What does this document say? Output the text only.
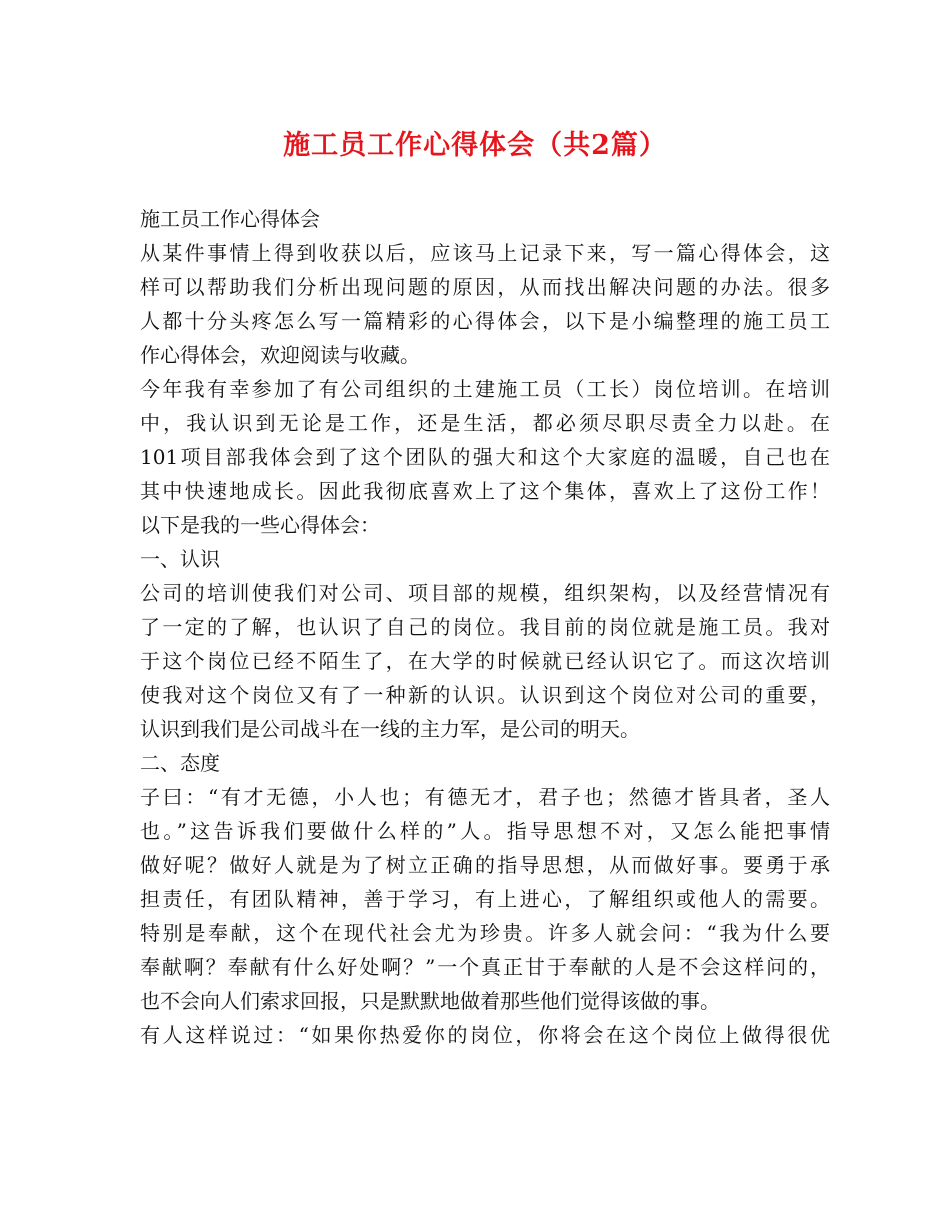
施工员工作心得体会（共2篇）

施工员工作心得体会

从某件事情上得到收获以后，应该马上记录下来，写一篇心得体会，这

样可以帮助我们分析出现问题的原因，从而找出解决问题的办法。很多

人都十分头疼怎么写一篇精彩的心得体会，以下是小编整理的施工员工

作心得体会，欢迎阅读与收藏。

今年我有幸参加了有公司组织的土建施工员（工长）岗位培训。在培训

中，我认识到无论是工作，还是生活，都必须尽职尽责全力以赴。在

101项目部我体会到了这个团队的强大和这个大家庭的温暖，自己也在

其中快速地成长。因此我彻底喜欢上了这个集体，喜欢上了这份工作！

以下是我的一些心得体会：

一、认识

公司的培训使我们对公司、项目部的规模，组织架构，以及经营情况有

了一定的了解，也认识了自己的岗位。我目前的岗位就是施工员。我对

于这个岗位已经不陌生了，在大学的时候就已经认识它了。而这次培训

使我对这个岗位又有了一种新的认识。认识到这个岗位对公司的重要，

认识到我们是公司战斗在一线的主力军，是公司的明天。

二、态度

子曰：“有才无德，小人也；有德无才，君子也；然德才皆具者，圣人

也。”这告诉我们要做什么样的”人。指导思想不对，又怎么能把事情

做好呢？做好人就是为了树立正确的指导思想，从而做好事。要勇于承

担责任，有团队精神，善于学习，有上进心，了解组织或他人的需要。

特别是奉献，这个在现代社会尤为珍贵。许多人就会问：“我为什么要

奉献啊？奉献有什么好处啊？”一个真正甘于奉献的人是不会这样问的，

也不会向人们索求回报，只是默默地做着那些他们觉得该做的事。

有人这样说过：“如果你热爱你的岗位，你将会在这个岗位上做得很优
